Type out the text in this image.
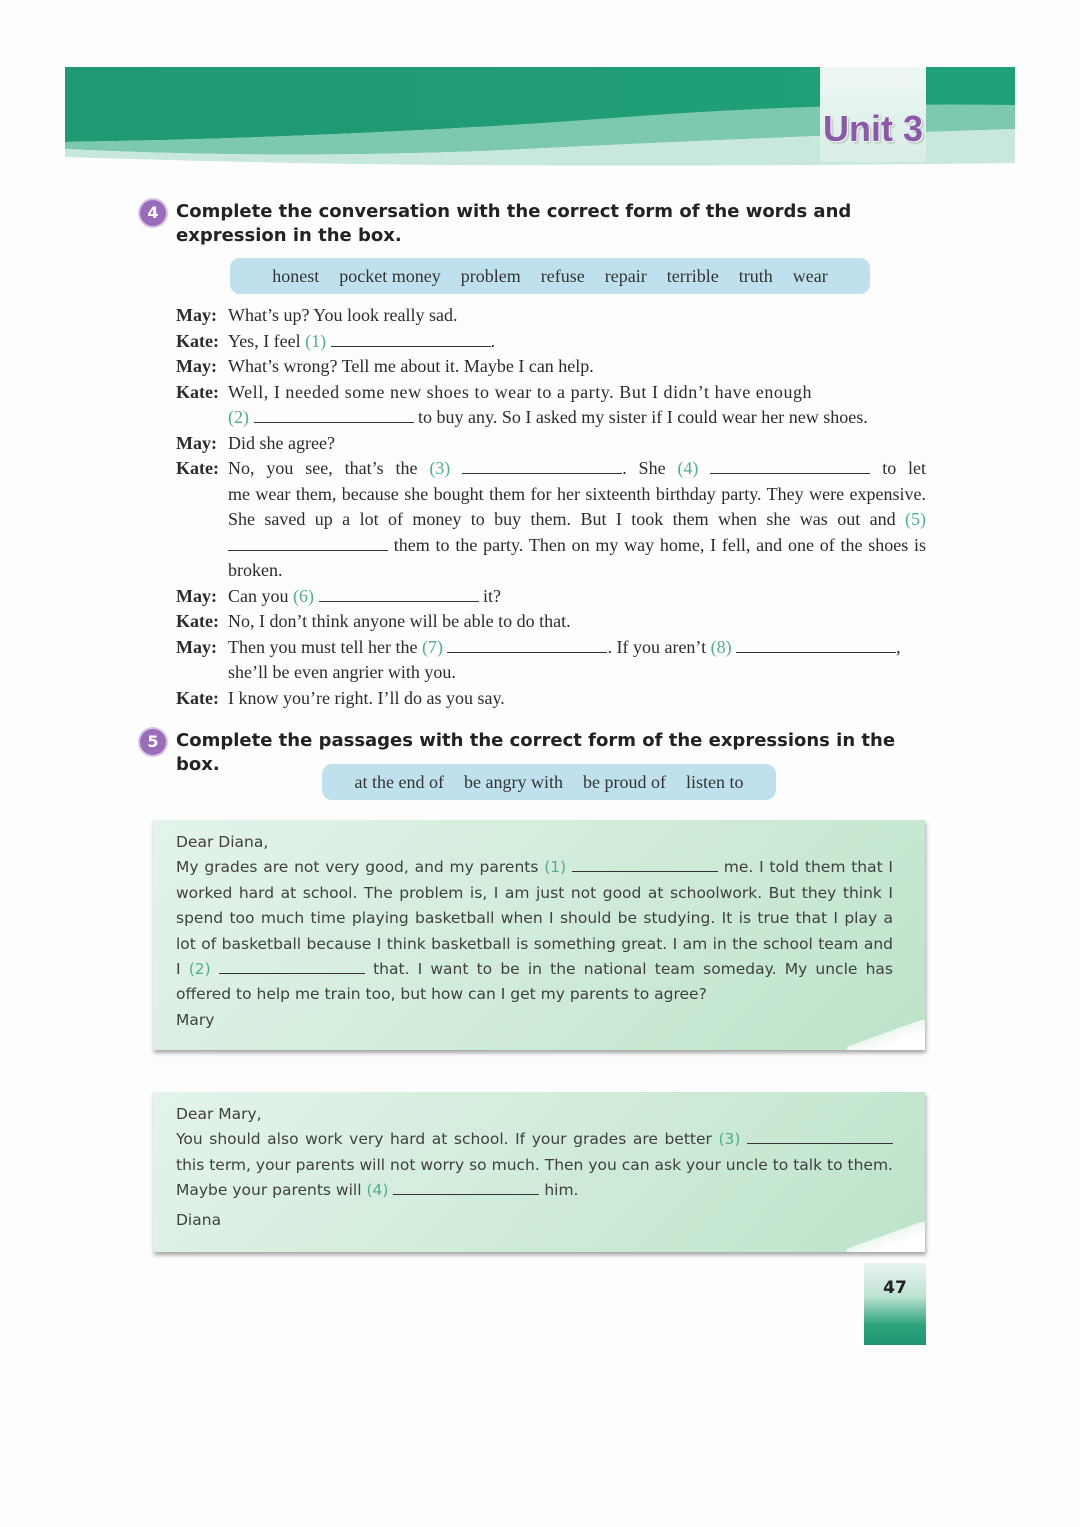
Unit 3
4 Complete the conversation with the correct form of the words and expression in the box.
honest pocket money problem refuse repair terrible truth wear
May: What’s up? You look really sad.
Kate: Yes, I feel (1)	.
May: What’s wrong? Tell me about it. Maybe I can help.
Kate: Well, I needed some new shoes to wear to a party. But I didn’t have enough
(2)	to buy any. So I asked my sister if I could wear her new shoes.
May: Did she agree?
Kate: No, you see, that’s the (3)	. She (4)	to let
me wear them, because she bought them for her sixteenth birthday party. They were expensive. She saved up a lot of money to buy them. But I took them when she was out and (5)  them to the party. Then on my way home, I fell, and one of the shoes is broken.
May: Can you (6)	it?
Kate: No, I don’t think anyone will be able to do that.
May: Then you must tell her the (7)	. If you aren’t (8)	,
she’ll be even angrier with you.
Kate: I know you’re right. I’ll do as you say.
5 Complete the passages with the correct form of the expressions in the box.
at the end of be angry with be proud of listen to
Dear Diana,
My grades are not very good, and my parents (1)	me. I told them that I worked hard at school. The problem is, I am just not good at schoolwork. But they think I spend too much time playing basketball when I should be studying. It is true that I play a lot of basketball because I think basketball is something great. I am in the school team and I (2)	that. I want to be in the national team someday. My uncle has offered to help me train too, but how can I get my parents to agree?
Mary
Dear Mary,
You should also work very hard at school. If your grades are better (3)  this term, your parents will not worry so much. Then you can ask your uncle to talk to them. Maybe your parents will (4)	him.
Diana
47
